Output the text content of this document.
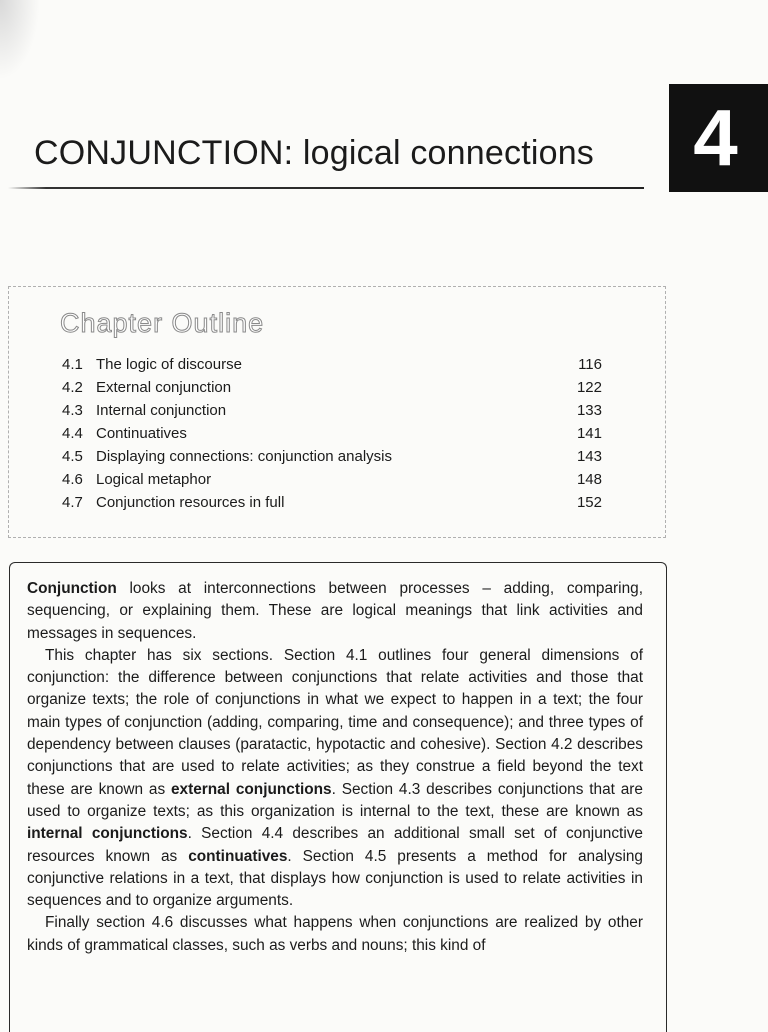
CONJUNCTION: logical connections 4
Chapter Outline
4.1 The logic of discourse	116
4.2 External conjunction	122
4.3 Internal conjunction	133
4.4 Continuatives	141
4.5 Displaying connections: conjunction analysis	143
4.6 Logical metaphor	148
4.7 Conjunction resources in full	152

Conjunction looks at interconnections between processes – adding, comparing, sequencing, or explaining them. These are logical meanings that link activities and messages in sequences.

This chapter has six sections. Section 4.1 outlines four general dimensions of conjunction: the difference between conjunctions that relate activities and those that organize texts; the role of conjunctions in what we expect to happen in a text; the four main types of conjunction (adding, comparing, time and consequence); and three types of dependency between clauses (paratactic, hypotactic and cohesive). Section 4.2 describes conjunctions that are used to relate activities; as they construe a field beyond the text these are known as external conjunctions. Section 4.3 describes conjunctions that are used to organize texts; as this organization is internal to the text, these are known as internal conjunctions. Section 4.4 describes an additional small set of conjunctive resources known as continuatives. Section 4.5 presents a method for analysing conjunctive relations in a text, that displays how conjunction is used to relate activities in sequences and to organize arguments.

Finally section 4.6 discusses what happens when conjunctions are realized by other kinds of grammatical classes, such as verbs and nouns; this kind of
